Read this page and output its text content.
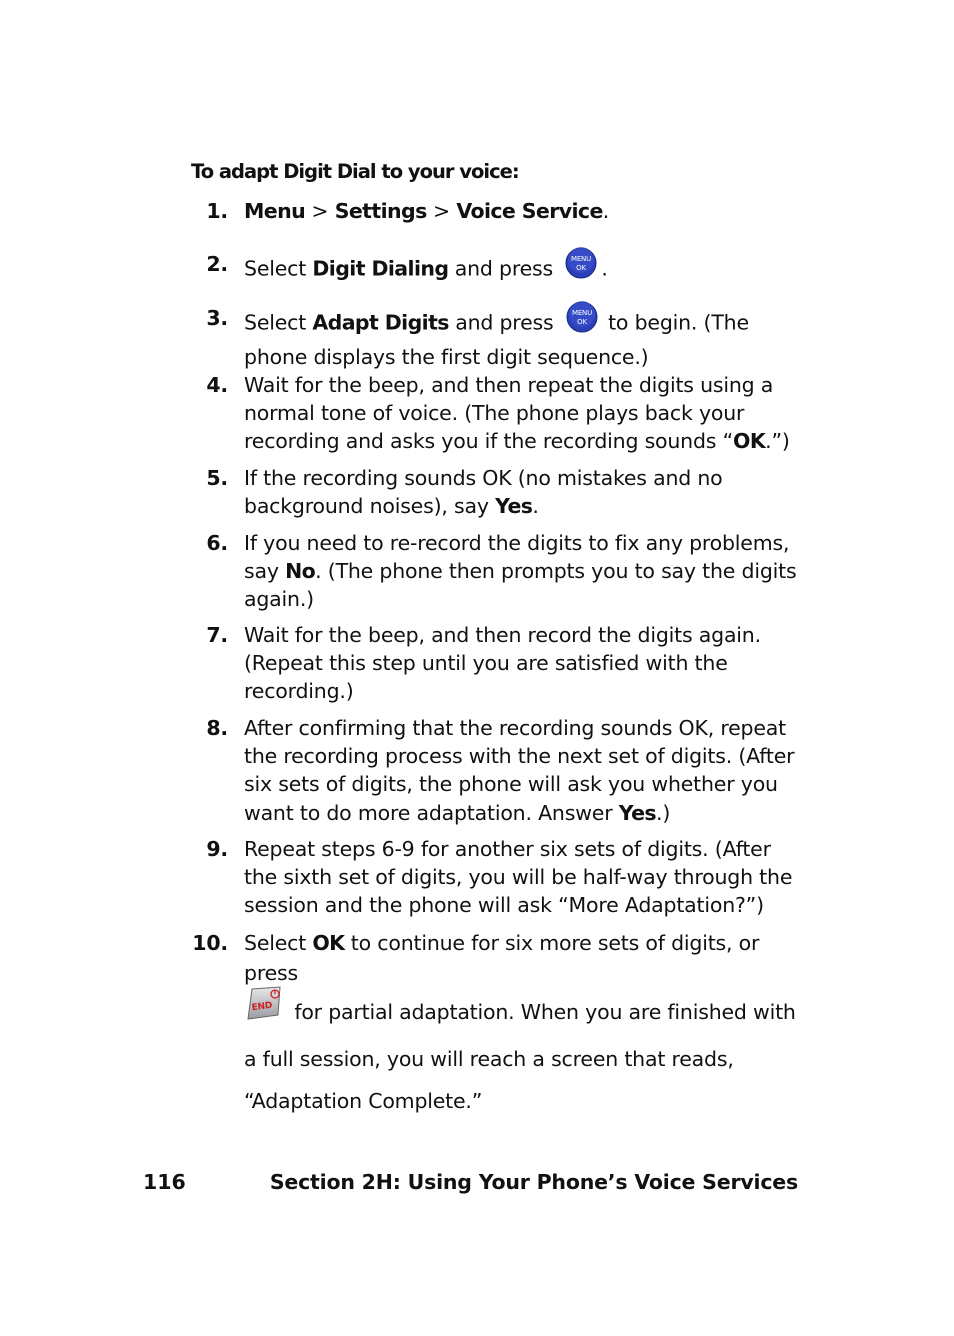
To adapt Digit Dial to your voice:
1. Menu > Settings > Voice Service.
2. Select Digit Dialing and press MENU
OK .
3. Select Adapt Digits and press MENU
OK to begin. (The phone displays the first digit sequence.)
4. Wait for the beep, and then repeat the digits using a normal tone of voice. (The phone plays back your recording and asks you if the recording sounds “OK.”)
5. If the recording sounds OK (no mistakes and no background noises), say Yes.
6. If you need to re-record the digits to fix any problems, say No. (The phone then prompts you to say the digits again.)
7. Wait for the beep, and then record the digits again. (Repeat this step until you are satisfied with the recording.)
8. After confirming that the recording sounds OK, repeat the recording process with the next set of digits. (After six sets of digits, the phone will ask you whether you want to do more adaptation. Answer Yes.)
9. Repeat steps 6-9 for another six sets of digits. (After the sixth set of digits, you will be half-way through the session and the phone will ask “More Adaptation?”)
10. Select OK to continue for six more sets of digits, or press

END for partial adaptation. When you are finished with a full session, you will reach a screen that reads, “Adaptation Complete.”
116	Section 2H: Using Your Phone’s Voice Services
